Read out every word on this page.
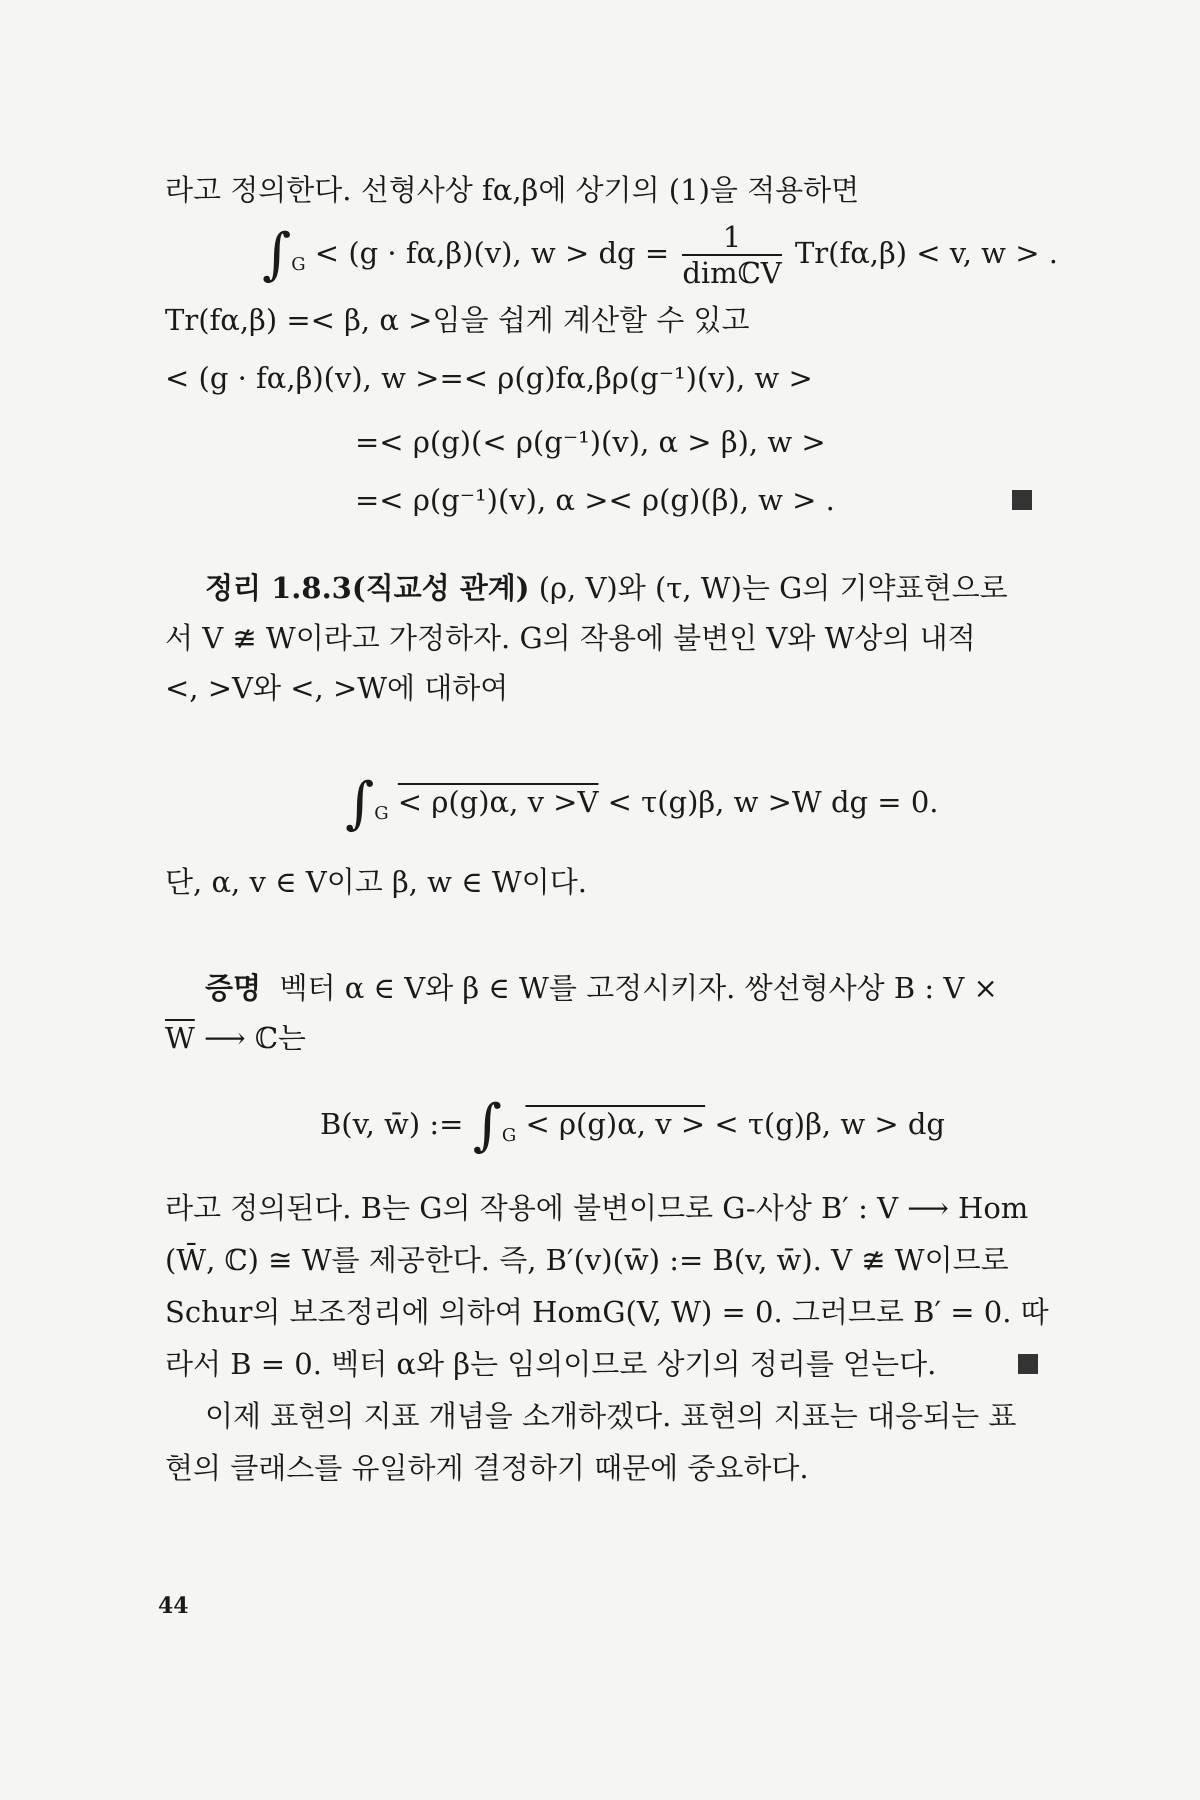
라고 정의한다. 선형사상 fα,β에 상기의 (1)을 적용하면
$\int_G < (g \cdot f\alpha,\beta)(v)$, w > dg = $\frac{1}{\text{dimℂV}} Tr(f\alpha,\beta) < v$, w > .
Tr(fα,β) =< β, α >임을 쉽게 계산할 수 있고
< (g · fα,β)(v), w >=< ρ(g)fα,βρ(g⁻¹)(v), w >
=< ρ(g)(< ρ(g⁻¹)(v), α > β), w >
=< ρ(g⁻¹)(v), α >< ρ(g)(β), w > .
정리 1.8.3(직교성 관계) (ρ, V)와 (τ, W)는 G의 기약표현으로
서 V ≇ W이라고 가정하자. G의 작용에 불변인 V와 W상의 내적
<, >V와 <, >W에 대하여
$\int_G < \rho(g)\alpha$, v >V < τ(g)β, w >W dg = 0.
단, α, v ∈ V이고 β, w ∈ W이다.
증명 벡터 α ∈ V와 β ∈ W를 고정시키자. 쌍선형사상 B : V ×
$\overline{W}$ ⟶ ℂ는
B(v, w̄) := $\int_G < \rho(g)\alpha$, v > < τ(g)β, w > dg
라고 정의된다. B는 G의 작용에 불변이므로 G-사상 B′ : V ⟶ Hom
(W̄, ℂ) ≅ W를 제공한다. 즉, B′(v)(w̄) := B(v, w̄). V ≇ W이므로
Schur의 보조정리에 의하여 HomG(V, W) = 0. 그러므로 B′ = 0. 따
라서 B = 0. 벡터 α와 β는 임의이므로 상기의 정리를 얻는다.
이제 표현의 지표 개념을 소개하겠다. 표현의 지표는 대응되는 표
현의 클래스를 유일하게 결정하기 때문에 중요하다.
44
